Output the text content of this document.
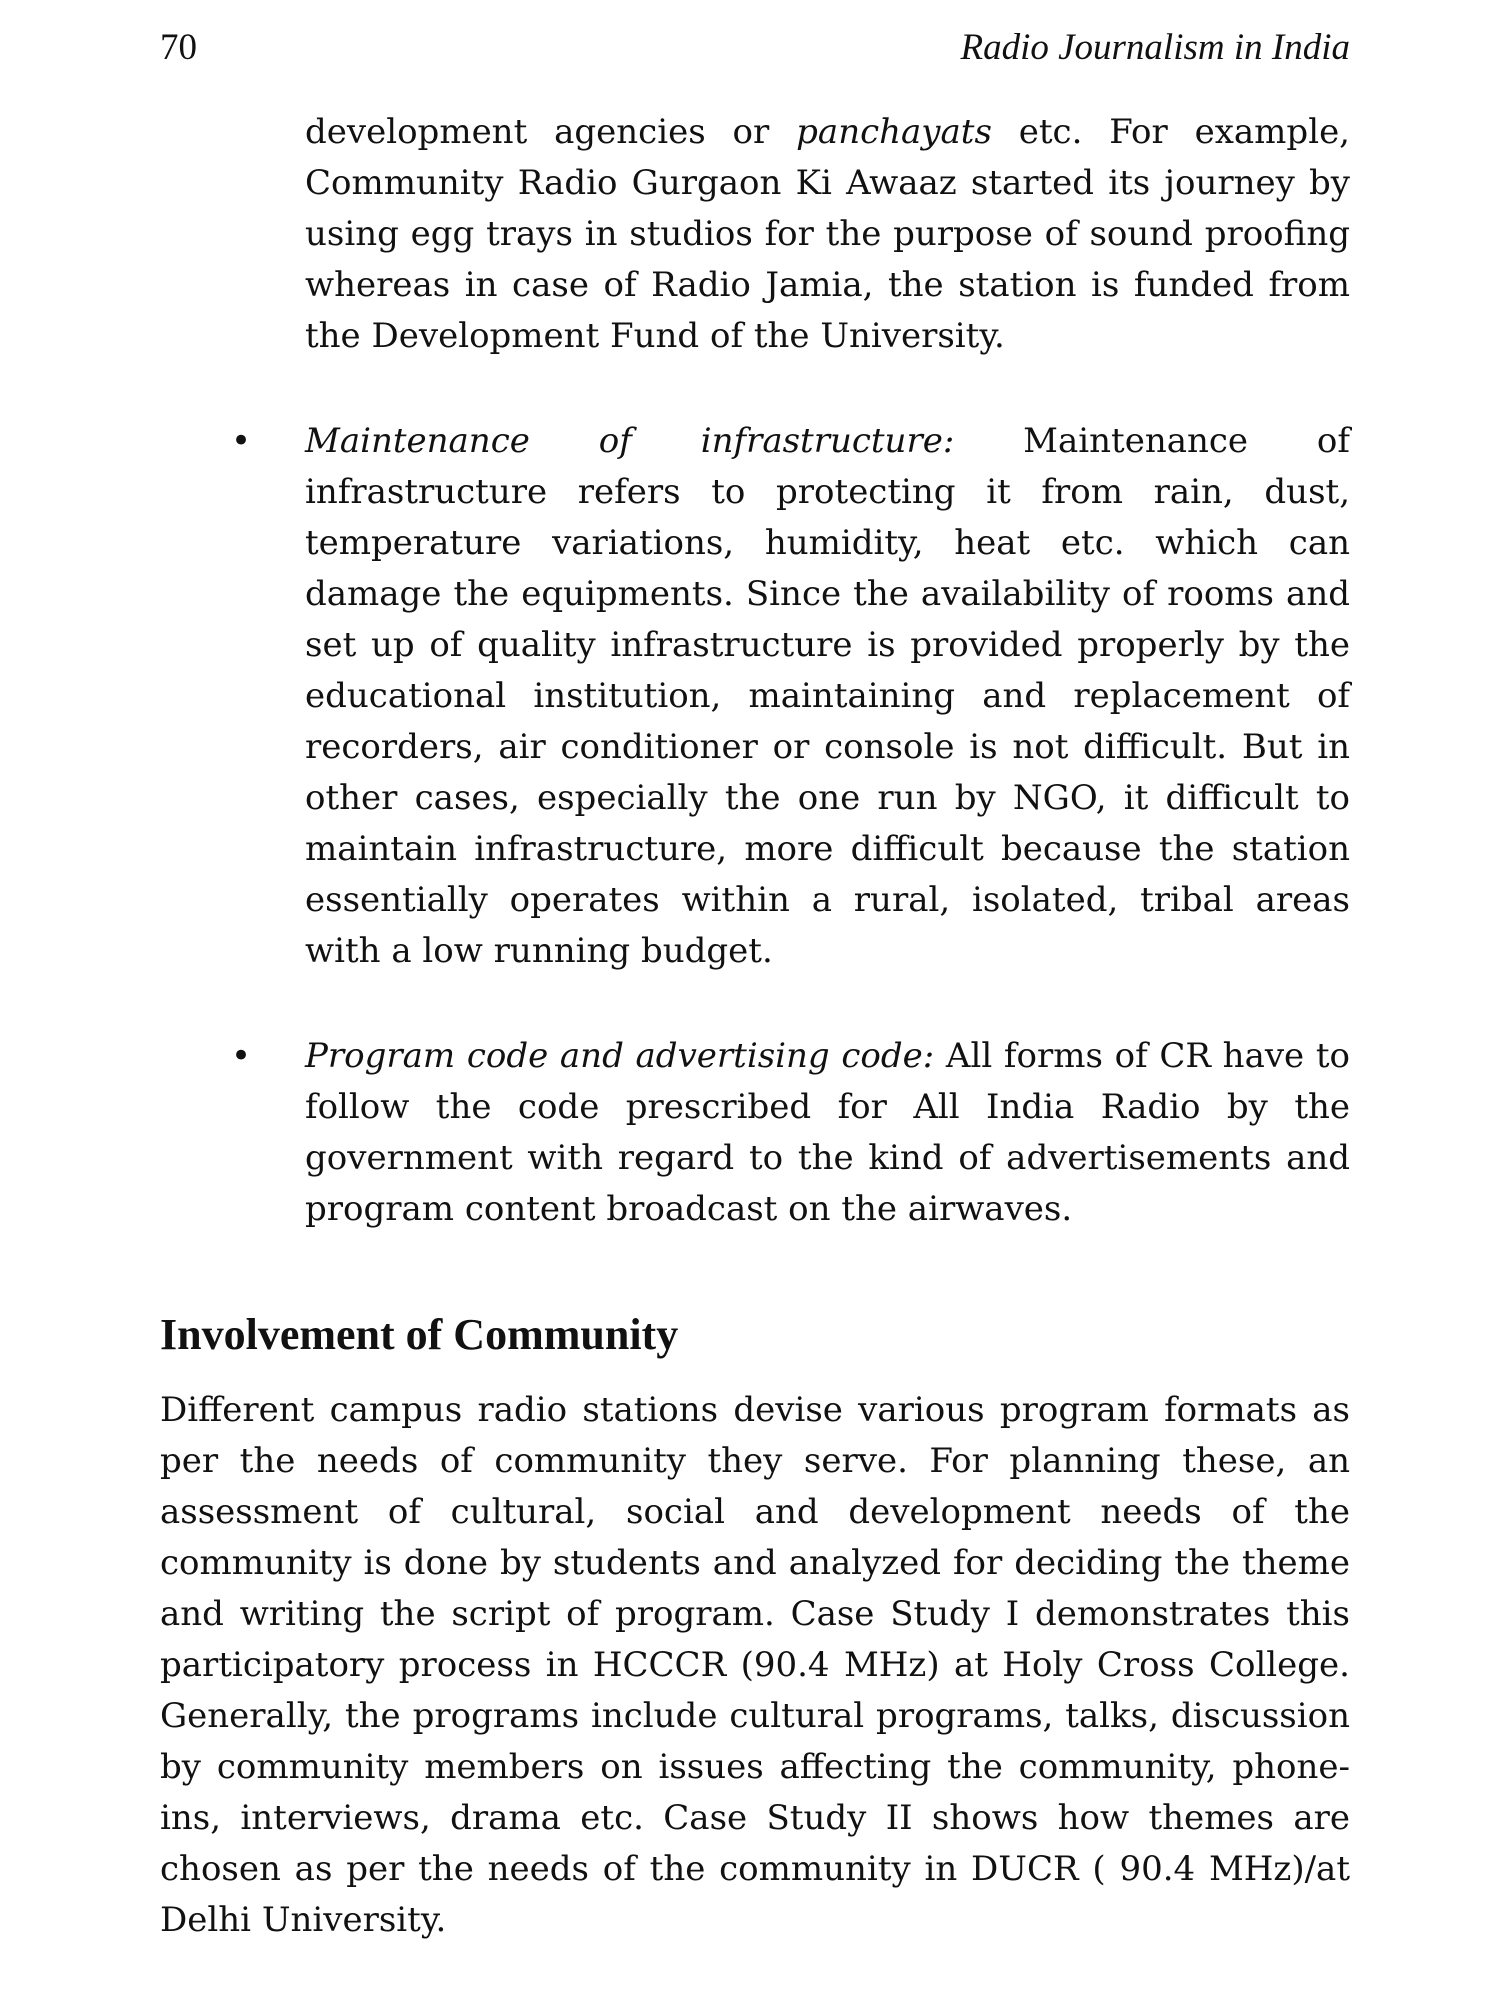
70	Radio Journalism in India

development agencies or panchayats etc. For example, Community Radio Gurgaon Ki Awaaz started its journey by using egg trays in studios for the purpose of sound proofing whereas in case of Radio Jamia, the station is funded from the Development Fund of the University.

• Maintenance of infrastructure: Maintenance of infrastructure refers to protecting it from rain, dust, temperature variations, humidity, heat etc. which can damage the equipments. Since the availability of rooms and set up of quality infrastructure is provided properly by the educational institution, maintaining and replacement of recorders, air conditioner or console is not difficult. But in other cases, especially the one run by NGO, it difficult to maintain infrastructure, more difficult because the station essentially operates within a rural, isolated, tribal areas with a low running budget.

• Program code and advertising code: All forms of CR have to follow the code prescribed for All India Radio by the government with regard to the kind of advertisements and program content broadcast on the airwaves.

Involvement of Community

Different campus radio stations devise various program formats as per the needs of community they serve. For planning these, an assessment of cultural, social and development needs of the community is done by students and analyzed for deciding the theme and writing the script of program. Case Study I demonstrates this participatory process in HCCCR (90.4 MHz) at Holy Cross College. Generally, the programs include cultural programs, talks, discussion by community members on issues affecting the community, phone-ins, interviews, drama etc. Case Study II shows how themes are chosen as per the needs of the community in DUCR ( 90.4 MHz)/at Delhi University.
